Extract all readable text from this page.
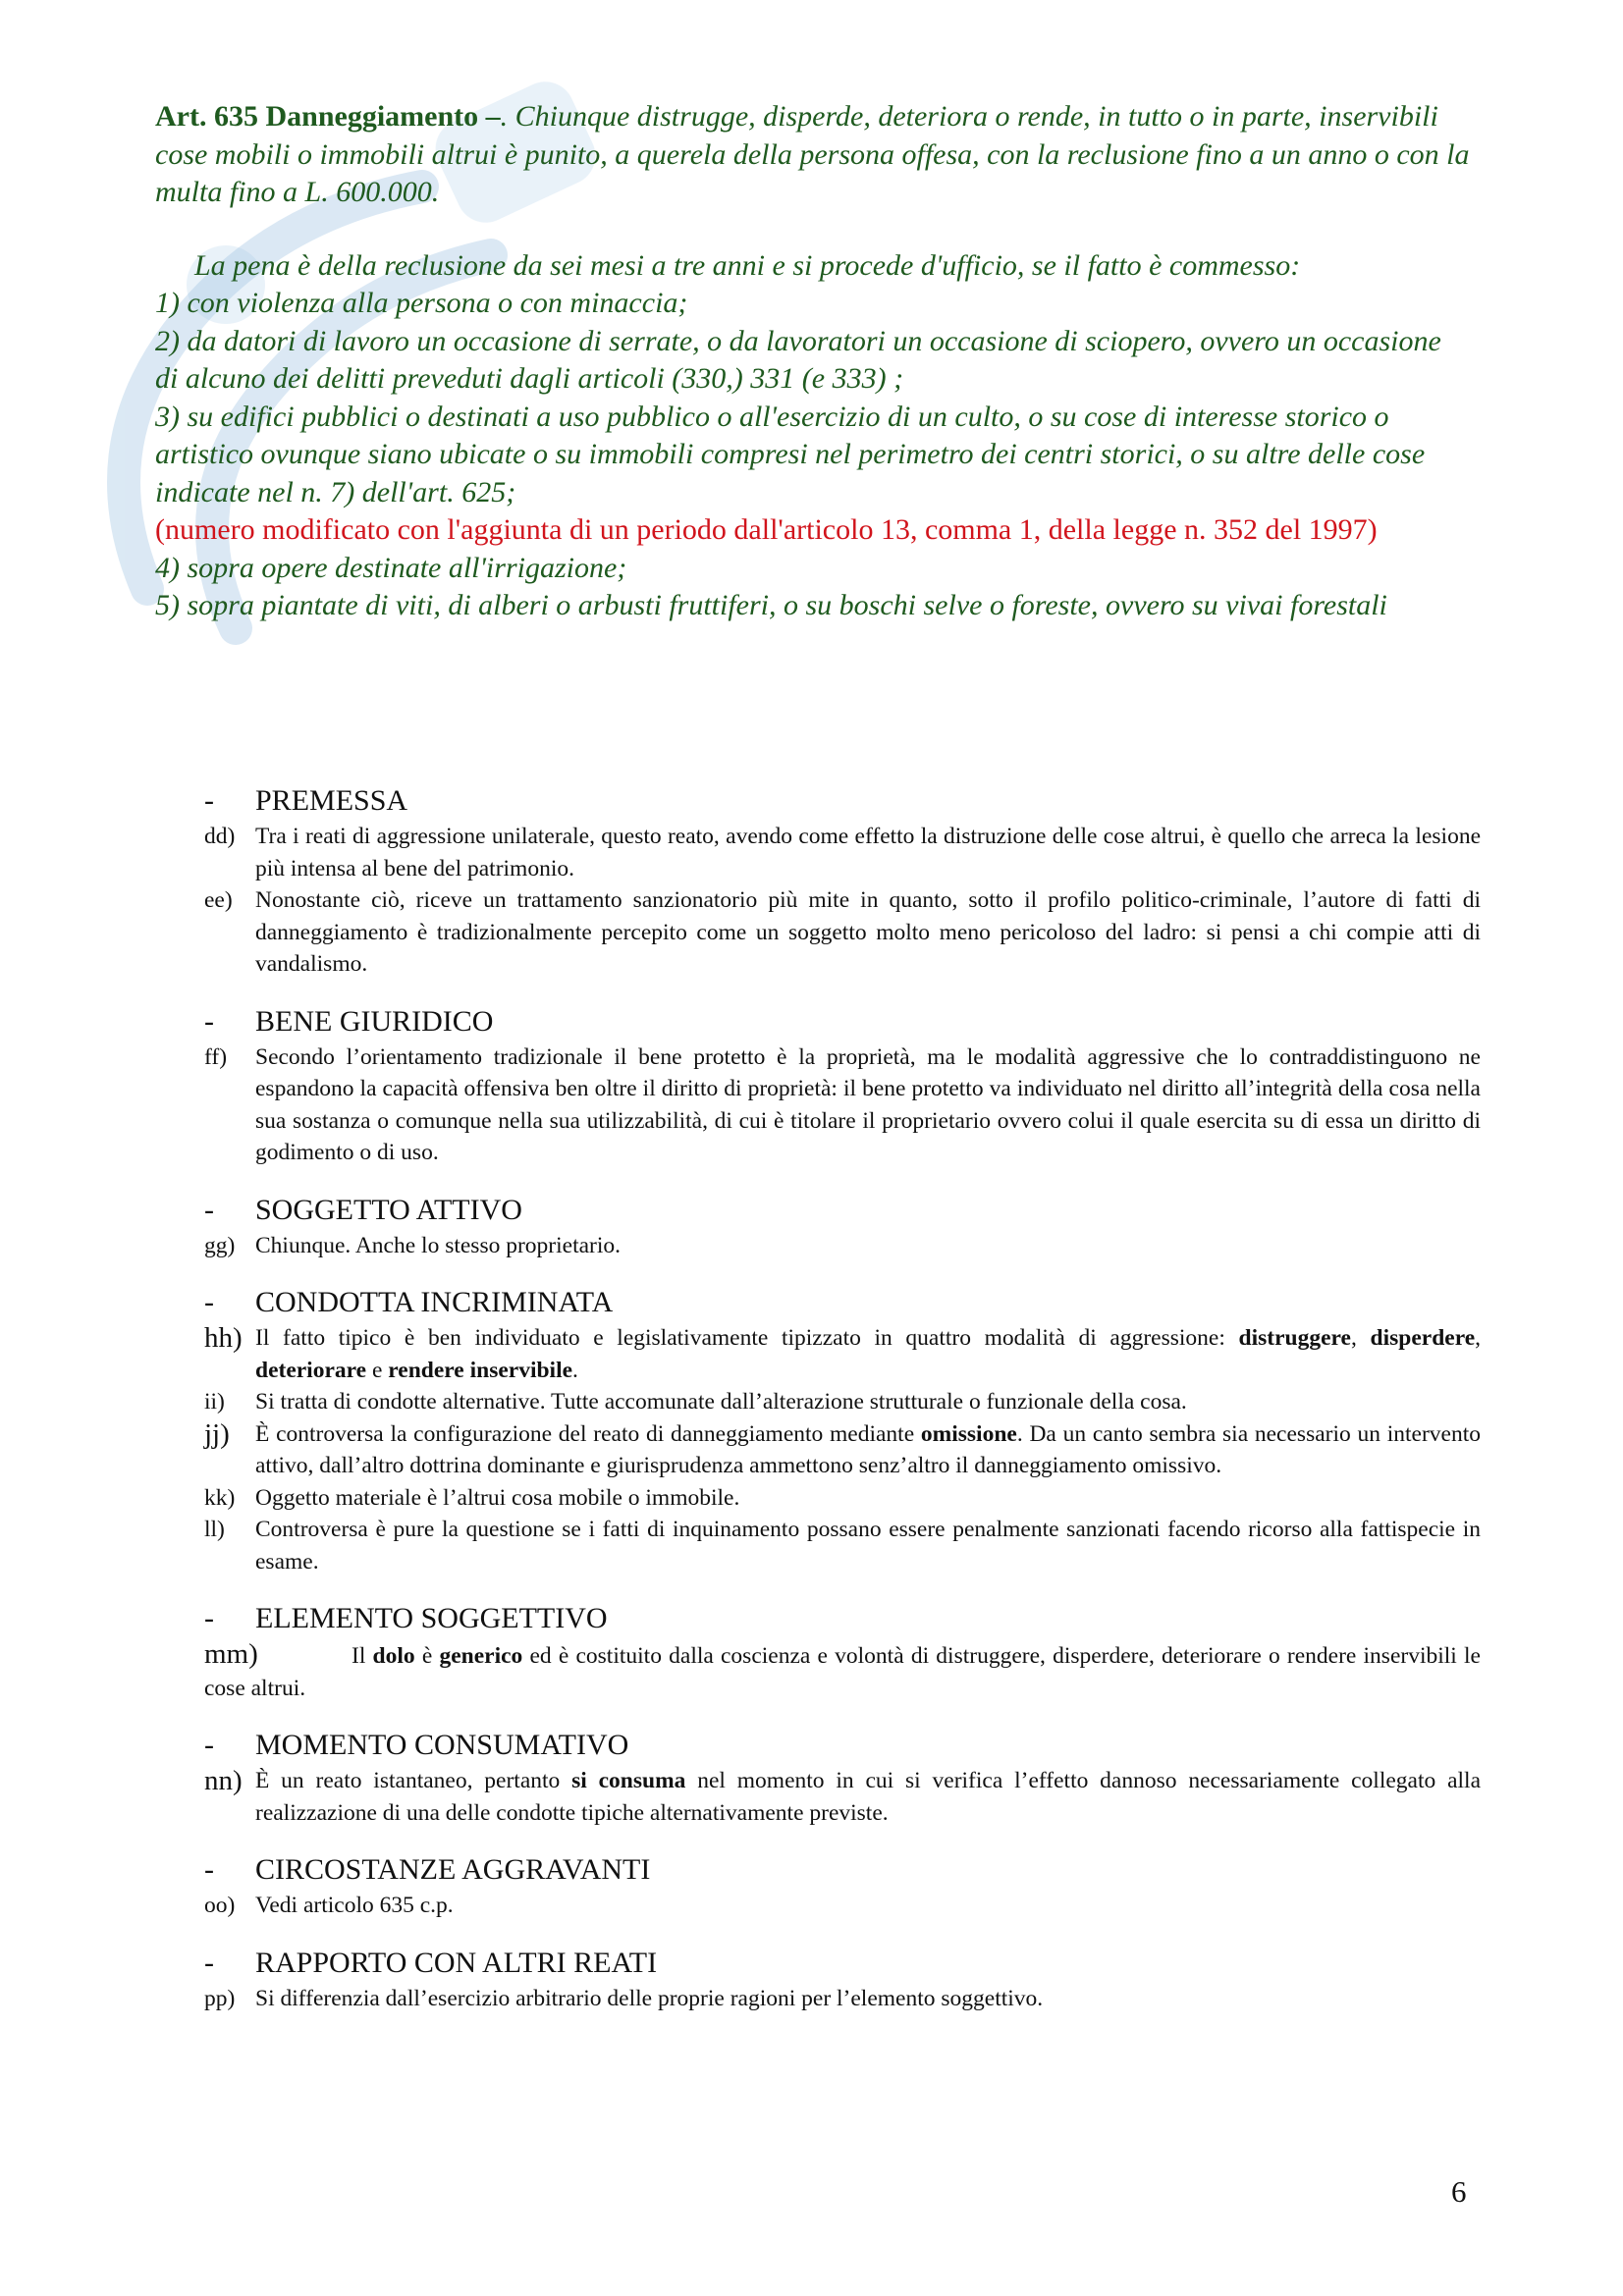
Art. 635 Danneggiamento –. Chiunque distrugge, disperde, deteriora o rende, in tutto o in parte, inservibili cose mobili o immobili altrui è punito, a querela della persona offesa, con la reclusione fino a un anno o con la multa fino a L. 600.000.

La pena è della reclusione da sei mesi a tre anni e si procede d'ufficio, se il fatto è commesso:

1) con violenza alla persona o con minaccia;

2) da datori di lavoro un occasione di serrate, o da lavoratori un occasione di sciopero, ovvero un occasione di alcuno dei delitti preveduti dagli articoli (330,) 331 (e 333) ;

3) su edifici pubblici o destinati a uso pubblico o all'esercizio di un culto, o su cose di interesse storico o artistico ovunque siano ubicate o su immobili compresi nel perimetro dei centri storici, o su altre delle cose indicate nel n. 7) dell'art. 625;

(numero modificato con l'aggiunta di un periodo dall'articolo 13, comma 1, della legge n. 352 del 1997)

4) sopra opere destinate all'irrigazione;

5) sopra piantate di viti, di alberi o arbusti fruttiferi, o su boschi selve o foreste, ovvero su vivai forestali

-	PREMESSA
dd) Tra i reati di aggressione unilaterale, questo reato, avendo come effetto la distruzione delle cose altrui, è quello che arreca la lesione più intensa al bene del patrimonio.
ee) Nonostante ciò, riceve un trattamento sanzionatorio più mite in quanto, sotto il profilo politico-criminale, l’autore di fatti di danneggiamento è tradizionalmente percepito come un soggetto molto meno pericoloso del ladro: si pensi a chi compie atti di vandalismo.
-	BENE GIURIDICO
ff)	Secondo l’orientamento tradizionale il bene protetto è la proprietà, ma le modalità aggressive che lo contraddistinguono ne espandono la capacità offensiva ben oltre il diritto di proprietà: il bene protetto va individuato nel diritto all’integrità della cosa nella sua sostanza o comunque nella sua utilizzabilità, di cui è titolare il proprietario ovvero colui il quale esercita su di essa un diritto di godimento o di uso.
-	SOGGETTO ATTIVO
gg) Chiunque. Anche lo stesso proprietario.
-	CONDOTTA INCRIMINATA
hh) Il fatto tipico è ben individuato e legislativamente tipizzato in quattro modalità di aggressione: distruggere, disperdere, deteriorare e rendere inservibile.
ii)	Si tratta di condotte alternative. Tutte accomunate dall’alterazione strutturale o funzionale della cosa.
jj)	È controversa la configurazione del reato di danneggiamento mediante omissione. Da un canto sembra sia necessario un intervento attivo, dall’altro dottrina dominante e giurisprudenza ammettono senz’altro il danneggiamento omissivo.
kk) Oggetto materiale è l’altrui cosa mobile o immobile.
ll)	Controversa è pure la questione se i fatti di inquinamento possano essere penalmente sanzionati facendo ricorso alla fattispecie in esame.
-	ELEMENTO SOGGETTIVO
mm)	Il dolo è generico ed è costituito dalla coscienza e volontà di distruggere, disperdere, deteriorare o rendere inservibili le cose altrui.
-	MOMENTO CONSUMATIVO
nn) È un reato istantaneo, pertanto si consuma nel momento in cui si verifica l’effetto dannoso necessariamente collegato alla realizzazione di una delle condotte tipiche alternativamente previste.
-	CIRCOSTANZE AGGRAVANTI
oo) Vedi articolo 635 c.p.
-	RAPPORTO CON ALTRI REATI
pp) Si differenzia dall’esercizio arbitrario delle proprie ragioni per l’elemento soggettivo.
6
